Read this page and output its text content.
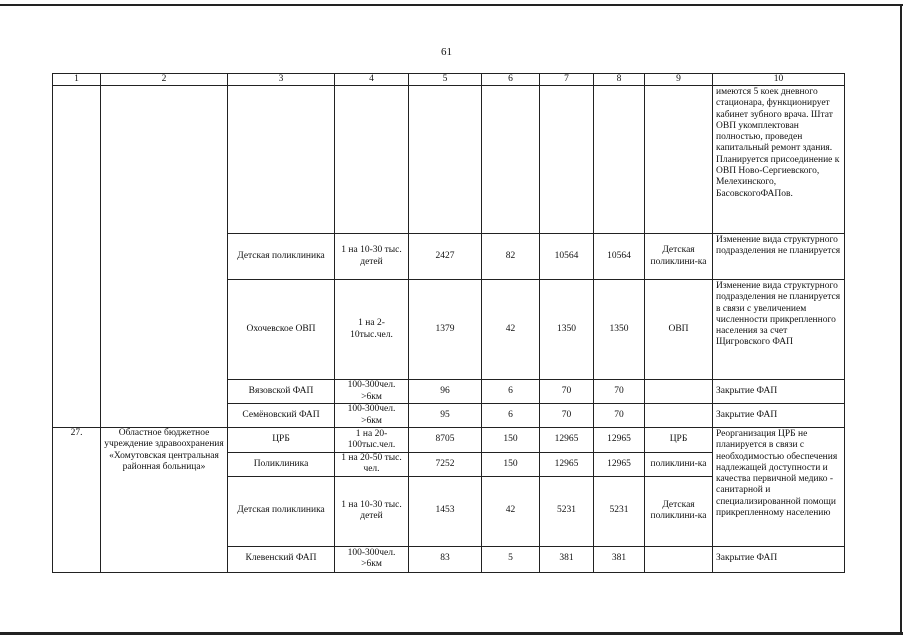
61
1	2	3	4	5	6	7	8	9	10
									имеются 5 коек дневного стационара, функционирует кабинет зубного врача. Штат ОВП укомплектован полностью, проведен капитальный ремонт здания. Планируется присоединение к ОВП Ново-Сергиевского, Мелехинского, БасовскогоФАПов.
		Детская поликлиника	1 на 10-30 тыс. детей	2427	82	10564	10564	Детская поликлини-ка	Изменение вида структурного подразделения не планируется
		Охочевское ОВП	1 на 2-10тыс.чел.	1379	42	1350	1350	ОВП	Изменение вида структурного подразделения не планируется в связи с увеличением численности прикрепленного населения за счет Щигровского ФАП
		Вязовской ФАП	100-300чел. >6км	96	6	70	70		Закрытие ФАП
		Семёновский ФАП	100-300чел. >6км	95	6	70	70		Закрытие ФАП
27.	Областное бюджетное учреждение здравоохранения «Хомутовская центральная районная больница»	ЦРБ	1 на 20-100тыс.чел.	8705	150	12965	12965	ЦРБ	Реорганизация ЦРБ не планируется в связи с необходимостью обеспечения надлежащей доступности и качества первичной медико - санитарной и специализированной помощи прикрепленному населению
		Поликлиника	1 на 20-50 тыс. чел.	7252	150	12965	12965	поликлини-ка	
		Детская поликлиника	1 на 10-30 тыс. детей	1453	42	5231	5231	Детская поликлини-ка	
		Клевенский ФАП	100-300чел. >6км	83	5	381	381		Закрытие ФАП
